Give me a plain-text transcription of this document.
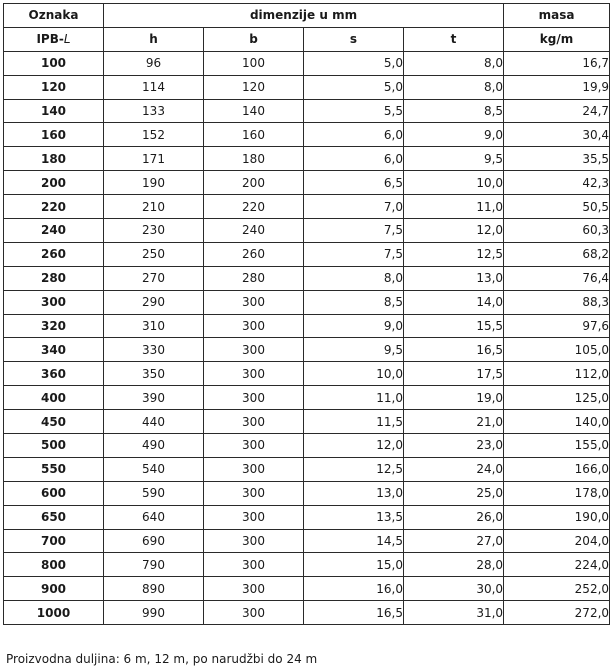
Oznaka	dimenzije u mm				masa
IPB-L	h	b	s	t	kg/m
100	96	100	5,0	8,0	16,7
120	114	120	5,0	8,0	19,9
140	133	140	5,5	8,5	24,7
160	152	160	6,0	9,0	30,4
180	171	180	6,0	9,5	35,5
200	190	200	6,5	10,0	42,3
220	210	220	7,0	11,0	50,5
240	230	240	7,5	12,0	60,3
260	250	260	7,5	12,5	68,2
280	270	280	8,0	13,0	76,4
300	290	300	8,5	14,0	88,3
320	310	300	9,0	15,5	97,6
340	330	300	9,5	16,5	105,0
360	350	300	10,0	17,5	112,0
400	390	300	11,0	19,0	125,0
450	440	300	11,5	21,0	140,0
500	490	300	12,0	23,0	155,0
550	540	300	12,5	24,0	166,0
600	590	300	13,0	25,0	178,0
650	640	300	13,5	26,0	190,0
700	690	300	14,5	27,0	204,0
800	790	300	15,0	28,0	224,0
900	890	300	16,0	30,0	252,0
1000	990	300	16,5	31,0	272,0
Proizvodna duljina: 6 m, 12 m, po narudžbi do 24 m
